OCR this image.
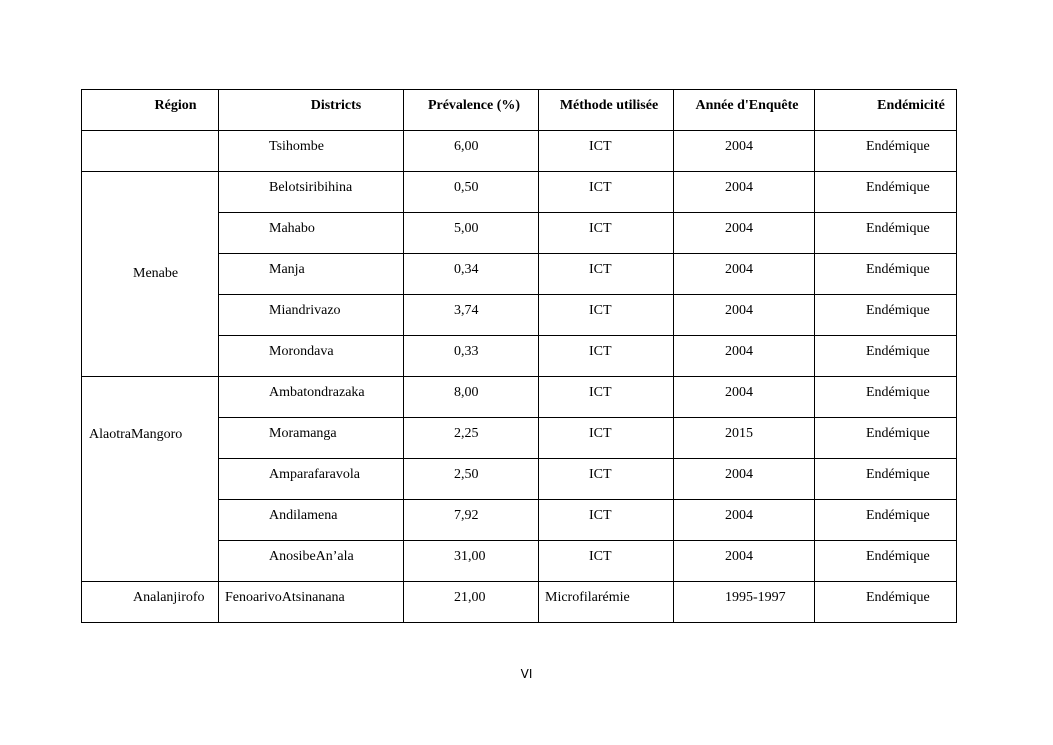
Région	Districts	Prévalence (%)	Méthode utilisée	Année d'Enquête	Endémicité

	Tsihombe	6,00	ICT	2004	Endémique

Menabe	Belotsiribihina	0,50	ICT	2004	Endémique

	Mahabo	5,00	ICT	2004	Endémique

	Manja	0,34	ICT	2004	Endémique

	Miandrivazo	3,74	ICT	2004	Endémique

	Morondava	0,33	ICT	2004	Endémique

AlaotraMangoro	Ambatondrazaka	8,00	ICT	2004	Endémique

	Moramanga	2,25	ICT	2015	Endémique

	Amparafaravola	2,50	ICT	2004	Endémique

	Andilamena	7,92	ICT	2004	Endémique

	AnosibeAn’ala	31,00	ICT	2004	Endémique

Analanjirofo	FenoarivoAtsinanana	21,00	Microfilarémie	1995-1997	Endémique
VI
